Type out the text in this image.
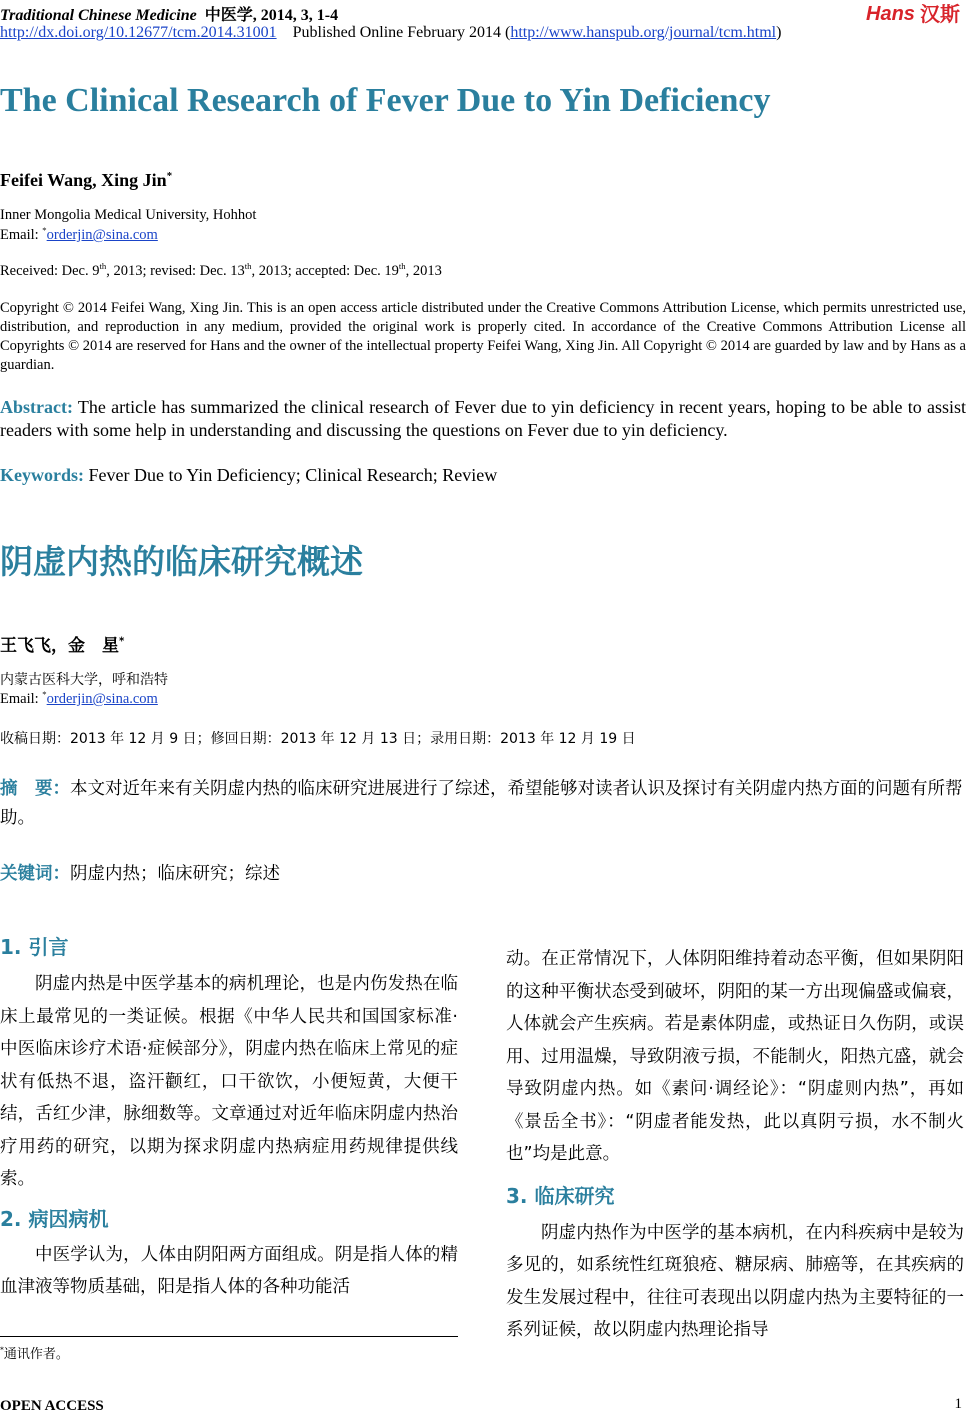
Traditional Chinese Medicine 中医学, 2014, 3, 1-4
http://dx.doi.org/10.12677/tcm.2014.31001 Published Online February 2014 (http://www.hanspub.org/journal/tcm.html)
Hans 汉斯
The Clinical Research of Fever Due to Yin Deficiency
Feifei Wang, Xing Jin*
Inner Mongolia Medical University, Hohhot
Email: *orderjin@sina.com
Received: Dec. 9th, 2013; revised: Dec. 13th, 2013; accepted: Dec. 19th, 2013
Copyright © 2014 Feifei Wang, Xing Jin. This is an open access article distributed under the Creative Commons Attribution License, which permits unrestricted use, distribution, and reproduction in any medium, provided the original work is properly cited. In accordance of the Creative Commons Attribution License all Copyrights © 2014 are reserved for Hans and the owner of the intellectual property Feifei Wang, Xing Jin. All Copyright © 2014 are guarded by law and by Hans as a guardian.
Abstract: The article has summarized the clinical research of Fever due to yin deficiency in recent years, hoping to be able to assist readers with some help in understanding and discussing the questions on Fever due to yin deficiency.
Keywords: Fever Due to Yin Deficiency; Clinical Research; Review
阴虚内热的临床研究概述
王飞飞，金　星*
内蒙古医科大学，呼和浩特
Email: *orderjin@sina.com
收稿日期：2013 年 12 月 9 日；修回日期：2013 年 12 月 13 日；录用日期：2013 年 12 月 19 日
摘　要：本文对近年来有关阴虚内热的临床研究进展进行了综述，希望能够对读者认识及探讨有关阴虚内热方面的问题有所帮助。
关键词：阴虚内热；临床研究；综述

1. 引言

阴虚内热是中医学基本的病机理论，也是内伤发热在临床上最常见的一类证候。根据《中华人民共和国国家标准·中医临床诊疗术语·症候部分》，阴虚内热在临床上常见的症状有低热不退，盗汗颧红，口干欲饮，小便短黄，大便干结，舌红少津，脉细数等。文章通过对近年临床阴虚内热治疗用药的研究，以期为探求阴虚内热病症用药规律提供线索。

2. 病因病机

中医学认为，人体由阴阳两方面组成。阴是指人体的精血津液等物质基础，阳是指人体的各种功能活

动。在正常情况下，人体阴阳维持着动态平衡，但如果阴阳的这种平衡状态受到破坏，阴阳的某一方出现偏盛或偏衰，人体就会产生疾病。若是素体阴虚，或热证日久伤阴，或误用、过用温燥，导致阴液亏损，不能制火，阳热亢盛，就会导致阴虚内热。如《素问·调经论》：“阴虚则内热”，再如《景岳全书》：“阴虚者能发热，此以真阴亏损，水不制火也”均是此意。

3. 临床研究

阴虚内热作为中医学的基本病机，在内科疾病中是较为多见的，如系统性红斑狼疮、糖尿病、肺癌等，在其疾病的发生发展过程中，往往可表现出以阴虚内热为主要特征的一系列证候，故以阴虚内热理论指导

*通讯作者。
OPEN ACCESS	1
